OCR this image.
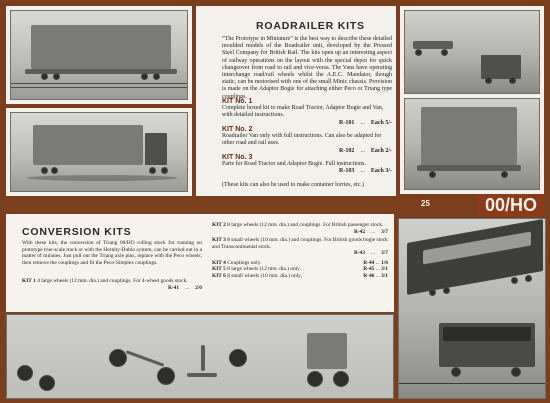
ROADRAILER KITS
“The Prototype in Miniature” is the best way to describe these detailed moulded models of the Roadrailer unit, developed by the Pressed Steel Company for British Rail. The kits open up an interesting aspect of railway operations on the layout with the special depot for quick changeover from road to rail and vice-versa. The Vans have operating interchange road/rail wheels whilst the A.E.C. Mandator, though static, can be motorised with one of the small Minic chassis. Provision is made on the Adaptor Bogie for attaching either Peco or Triang type couplings.
KIT No. 1
Complete boxed kit to make Road Tractor, Adaptor Bogie and Van, with detailed instructions.
R-101 ... Each 5/-
KIT No. 2
Roadrailer Van only with full instructions. Can also be adapted for other road and rail uses.
R-102 ... Each 2/-
KIT No. 3
Parts for Road Tractor and Adaptor Bogie. Full instructions.
R-103 ... Each 3/-
(These kits can also be used to make container lorries, etc.)
25	00/HO
CONVERSION KITS
With these kits, the conversion of Triang 00/HO rolling stock for running on prototype true-scale track or with the Hornby-Dublo system, can be carried out in a matter of minutes. Just pull out the Triang axle pins, replace with the Peco wheels; then remove the couplings and fit the Peco-Simplex couplings.
KIT 1 4 large wheels (12 mm. dia.) and couplings. For 4-wheel goods stock.
R-41 ... 2/6
KIT 2 8 large wheels (12 mm. dia.) and couplings. For British passenger stock.
R-42 ... 3/7
KIT 3 8 small wheels (10 mm. dia.) and couplings. For British goods bogie stock and Transcontinental stock.
R-43 ... 3/7
KIT 4 Couplings only.	R-44 ... 1/6
KIT 5 8 large wheels (12 mm. dia.) only.	R-45 ... 3/1
KIT 6 8 small wheels (10 mm. dia.) only.	R-46 ... 3/1
